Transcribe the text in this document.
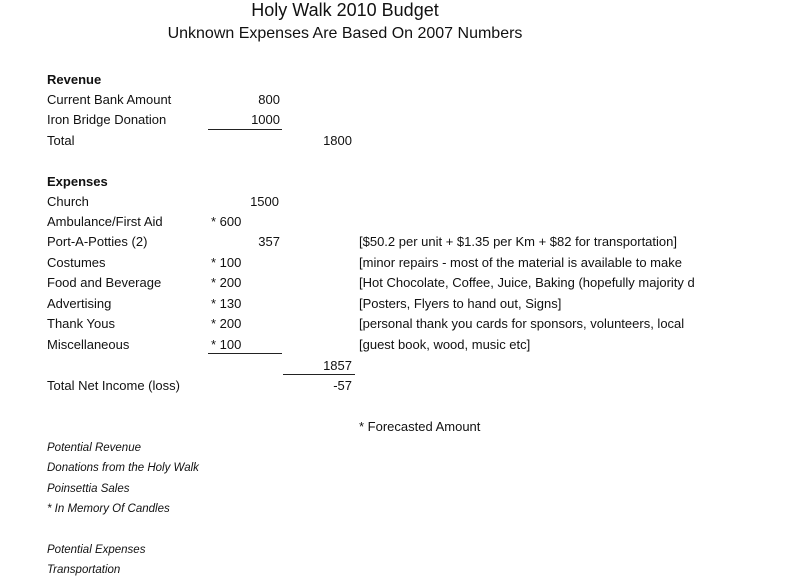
Holy Walk 2010 Budget
Unknown Expenses Are Based On 2007 Numbers
Revenue
Current Bank Amount	800
Iron Bridge Donation	1000
Total	1800
Expenses
Church	1500
Ambulance/First Aid	* 600
Port-A-Potties (2)	357	[$50.2 per unit + $1.35 per Km + $82 for transportation]
Costumes	* 100	[minor repairs - most of the material is available to make
Food and Beverage	* 200	[Hot Chocolate, Coffee, Juice, Baking (hopefully majority d
Advertising	* 130	[Posters, Flyers to hand out, Signs]
Thank Yous	* 200	[personal thank you cards for sponsors, volunteers, local
Miscellaneous	* 100	[guest book, wood, music etc]
1857
Total Net Income (loss)	-57
* Forecasted Amount
Potential Revenue
Donations from the Holy Walk
Poinsettia Sales
* In Memory Of Candles
Potential Expenses
Transportation
